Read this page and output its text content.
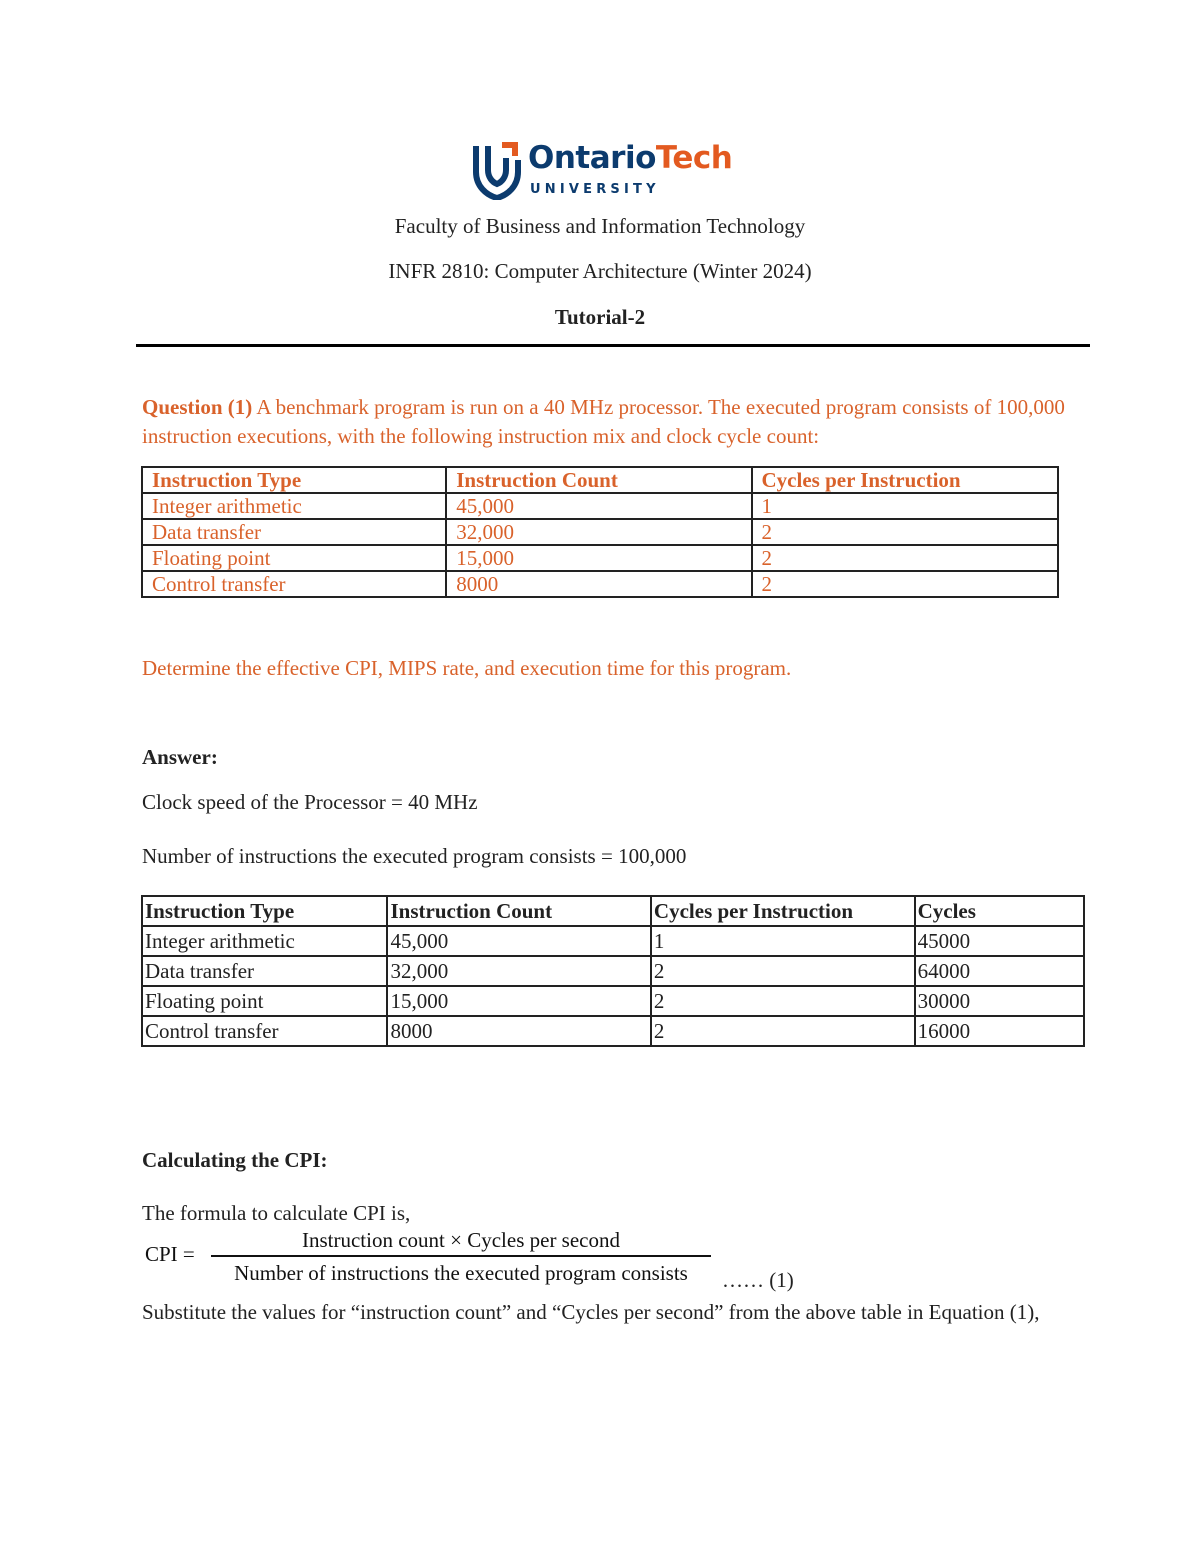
OntarioTech
UNIVERSITY
Faculty of Business and Information Technology
INFR 2810: Computer Architecture (Winter 2024)
Tutorial-2
Question (1) A benchmark program is run on a 40 MHz processor. The executed program consists of 100,000 instruction executions, with the following instruction mix and clock cycle count:
Instruction Type	Instruction Count	Cycles per Instruction
Integer arithmetic	45,000	1
Data transfer	32,000	2
Floating point	15,000	2
Control transfer	8000	2
Determine the effective CPI, MIPS rate, and execution time for this program.
Answer:
Clock speed of the Processor = 40 MHz
Number of instructions the executed program consists = 100,000
Instruction Type	Instruction Count	Cycles per Instruction	Cycles
Integer arithmetic	45,000	1	45000
Data transfer	32,000	2	64000
Floating point	15,000	2	30000
Control transfer	8000	2	16000
Calculating the CPI:
The formula to calculate CPI is,
CPI =
Instruction count × Cycles per second
Number of instructions the executed program consists	…… (1)
Substitute the values for “instruction count” and “Cycles per second” from the above table in Equation (1),
